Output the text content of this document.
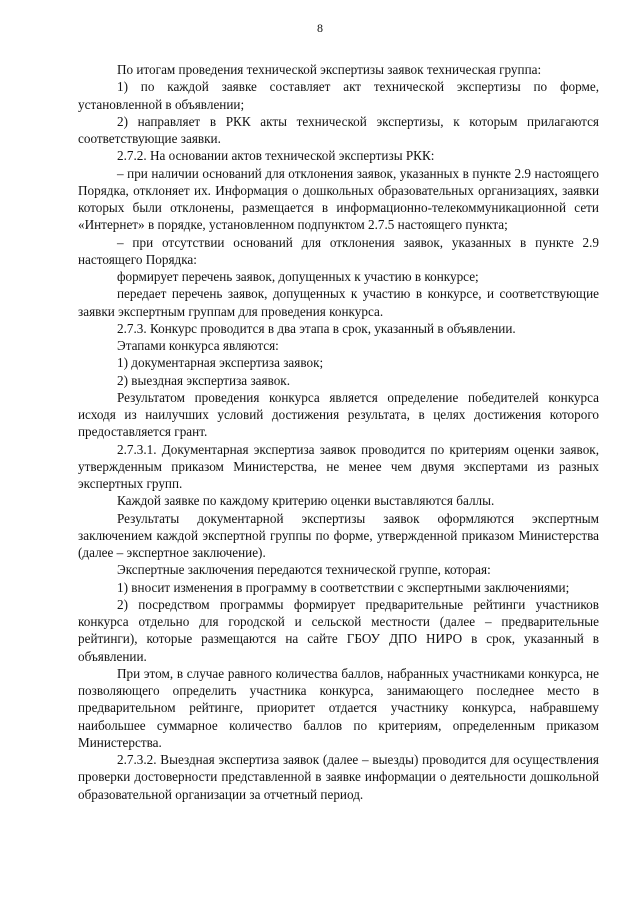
8

По итогам проведения технической экспертизы заявок техническая группа:

1) по каждой заявке составляет акт технической экспертизы по форме, установленной в объявлении;

2) направляет в РКК акты технической экспертизы, к которым прилагаются соответствующие заявки.

2.7.2. На основании актов технической экспертизы РКК:

– при наличии оснований для отклонения заявок, указанных в пункте 2.9 настоящего Порядка, отклоняет их. Информация о дошкольных образовательных организациях, заявки которых были отклонены, размещается в информационно-телекоммуникационной сети «Интернет» в порядке, установленном подпунктом 2.7.5 настоящего пункта;

– при отсутствии оснований для отклонения заявок, указанных в пункте 2.9 настоящего Порядка:

формирует перечень заявок, допущенных к участию в конкурсе;

передает перечень заявок, допущенных к участию в конкурсе, и соответствующие заявки экспертным группам для проведения конкурса.

2.7.3. Конкурс проводится в два этапа в срок, указанный в объявлении.

Этапами конкурса являются:

1) документарная экспертиза заявок;

2) выездная экспертиза заявок.

Результатом проведения конкурса является определение победителей конкурса исходя из наилучших условий достижения результата, в целях достижения которого предоставляется грант.

2.7.3.1. Документарная экспертиза заявок проводится по критериям оценки заявок, утвержденным приказом Министерства, не менее чем двумя экспертами из разных экспертных групп.

Каждой заявке по каждому критерию оценки выставляются баллы.

Результаты документарной экспертизы заявок оформляются экспертным заключением каждой экспертной группы по форме, утвержденной приказом Министерства (далее – экспертное заключение).

Экспертные заключения передаются технической группе, которая:

1) вносит изменения в программу в соответствии с экспертными заключениями;

2) посредством программы формирует предварительные рейтинги участников конкурса отдельно для городской и сельской местности (далее – предварительные рейтинги), которые размещаются на сайте ГБОУ ДПО НИРО в срок, указанный в объявлении.

При этом, в случае равного количества баллов, набранных участниками конкурса, не позволяющего определить участника конкурса, занимающего последнее место в предварительном рейтинге, приоритет отдается участнику конкурса, набравшему наибольшее суммарное количество баллов по критериям, определенным приказом Министерства.

2.7.3.2. Выездная экспертиза заявок (далее – выезды) проводится для осуществления проверки достоверности представленной в заявке информации о деятельности дошкольной образовательной организации за отчетный период.
